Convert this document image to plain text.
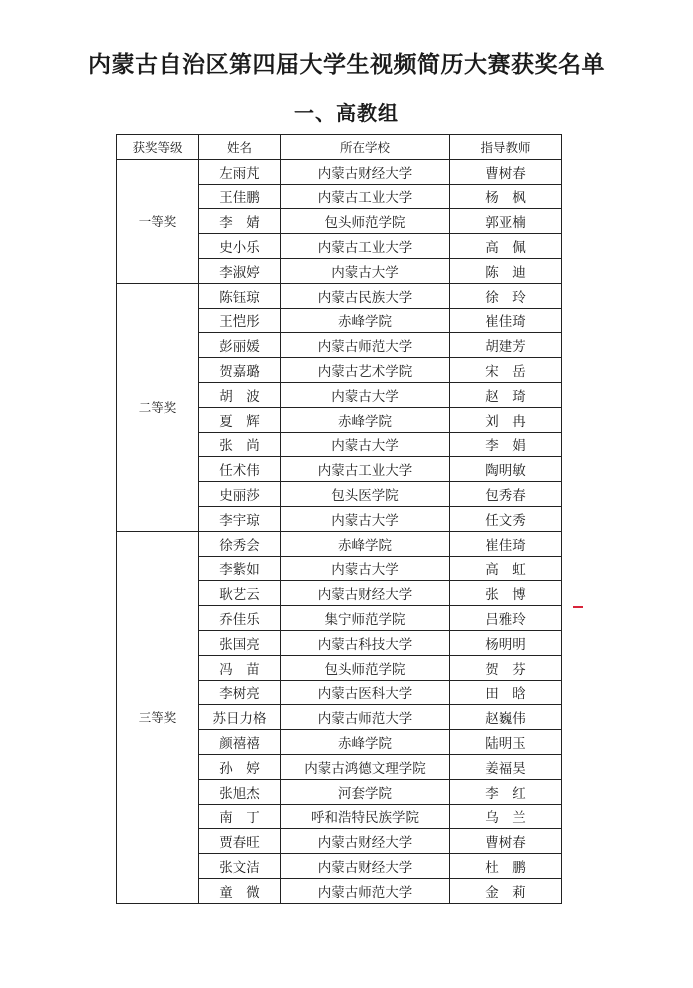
内蒙古自治区第四届大学生视频简历大赛获奖名单
一、高教组
获奖等级	姓名	所在学校	指导教师
一等奖	左雨芃	内蒙古财经大学	曹树春
	王佳鹏	内蒙古工业大学	杨　枫
	李　婧	包头师范学院	郭亚楠
	史小乐	内蒙古工业大学	高　佩
	李淑婷	内蒙古大学	陈　迪
二等奖	陈钰琼	内蒙古民族大学	徐　玲
	王恺彤	赤峰学院	崔佳琦
	彭丽媛	内蒙古师范大学	胡建芳
	贺嘉璐	内蒙古艺术学院	宋　岳
	胡　波	内蒙古大学	赵　琦
	夏　辉	赤峰学院	刘　冉
	张　尚	内蒙古大学	李　娟
	任术伟	内蒙古工业大学	陶明敏
	史丽莎	包头医学院	包秀春
	李宇琼	内蒙古大学	任文秀
三等奖	徐秀会	赤峰学院	崔佳琦
	李紫如	内蒙古大学	高　虹
	耿艺云	内蒙古财经大学	张　博
	乔佳乐	集宁师范学院	吕雅玲
	张国亮	内蒙古科技大学	杨明明
	冯　苗	包头师范学院	贺　芬
	李树亮	内蒙古医科大学	田　晗
	苏日力格	内蒙古师范大学	赵巍伟
	颜禧禧	赤峰学院	陆明玉
	孙　婷	内蒙古鸿德文理学院	姜福昊
	张旭杰	河套学院	李　红
	南　丁	呼和浩特民族学院	乌　兰
	贾春旺	内蒙古财经大学	曹树春
	张文洁	内蒙古财经大学	杜　鹏
	童　微	内蒙古师范大学	金　莉
